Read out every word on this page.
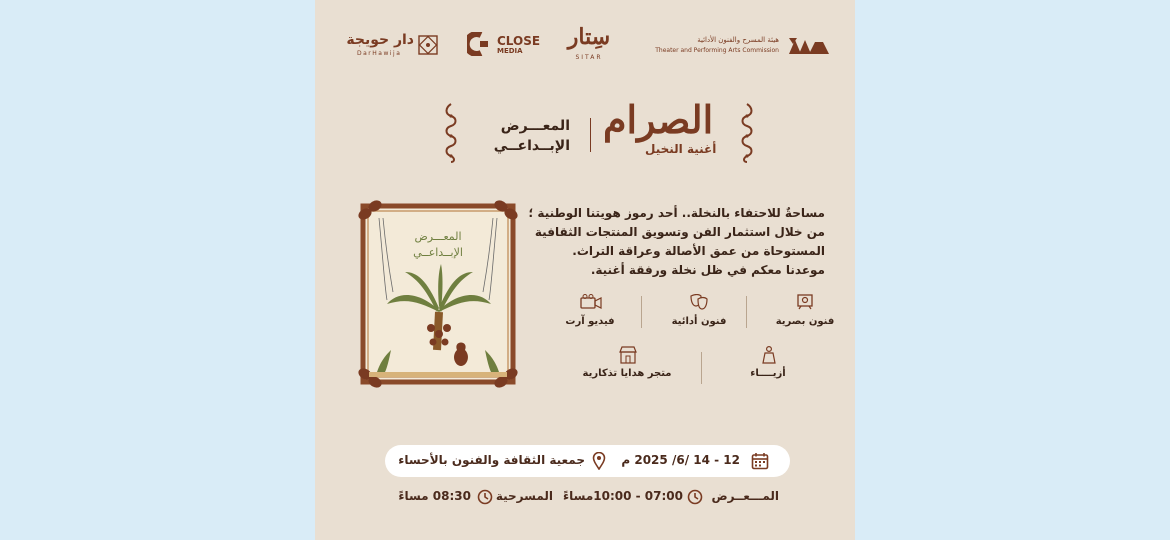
دار حويجة
DarHawija
CLOSE
MEDIA
سِتار
SITAR
هيئة المسرح والفنون الأدائية
Theater and Performing Arts Commission
المعـــرض
الإبــداعــي
الصرام
أغنية النخيل
المعـــرض
الإبــداعــي
مساحةٌ للاحتفاء بالنخلة.. أحد رموز هويتنا الوطنية ؛
من خلال استثمار الفن وتسويق المنتجات الثقافية
المستوحاة من عمق الأصالة وعراقة التراث.
موعدنا معكم في ظل نخلة ورفقة أغنية.
فنون بصرية
فنون أدائية
فيديو آرت
أزيــــاء
متجر هدايا تذكارية
12 - 14 /6/ 2025 م
جمعية الثقافة والفنون بالأحساء
المـــعــرض
07:00 - 10:00مساءً
المسرحية
08:30 مساءً
